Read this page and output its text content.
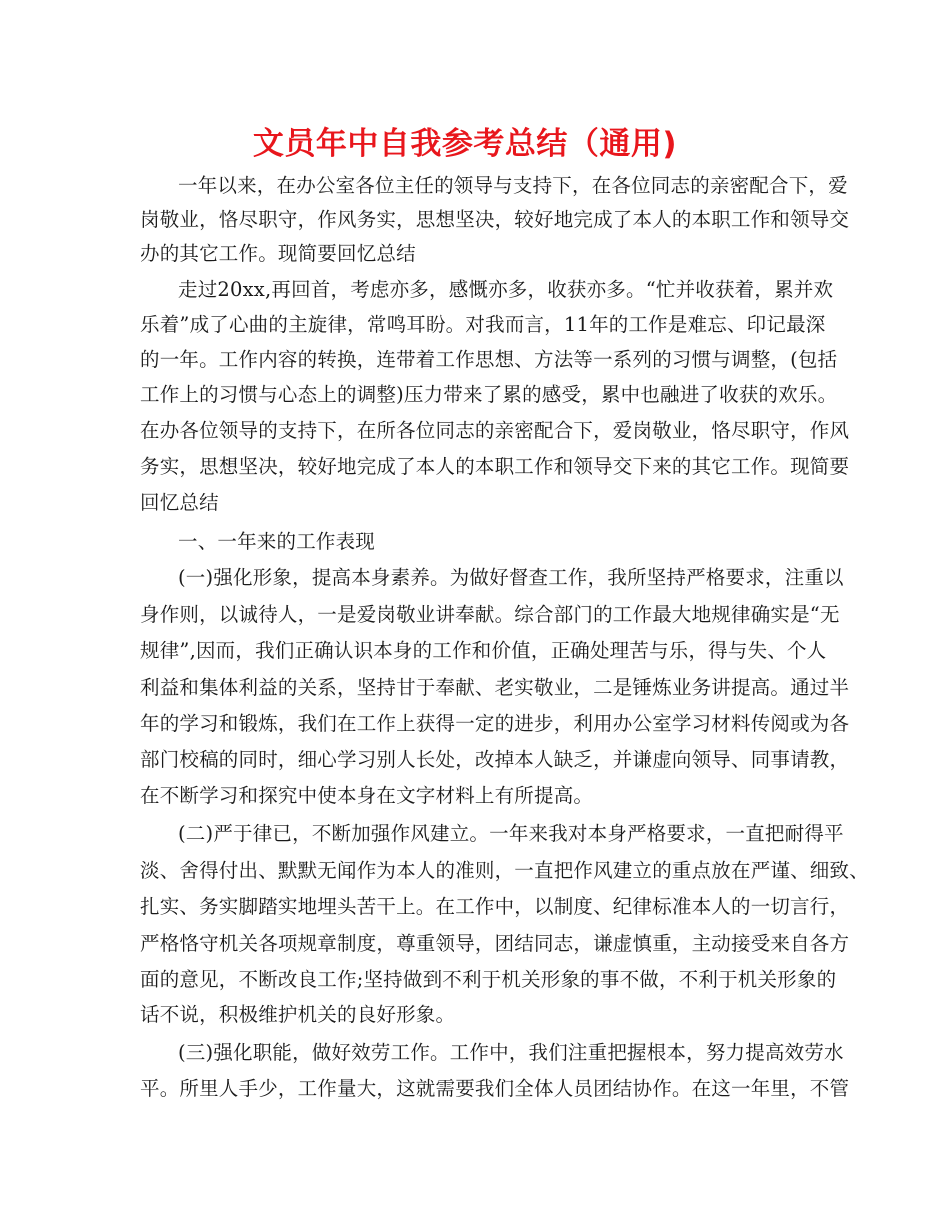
文员年中自我参考总结（通用)
一年以来，在办公室各位主任的领导与支持下，在各位同志的亲密配合下，爱
岗敬业，恪尽职守，作风务实，思想坚决，较好地完成了本人的本职工作和领导交
办的其它工作。现简要回忆总结
走过20xx,再回首，考虑亦多，感慨亦多，收获亦多。“忙并收获着，累并欢
乐着”成了心曲的主旋律，常鸣耳盼。对我而言，11年的工作是难忘、印记最深
的一年。工作内容的转换，连带着工作思想、方法等一系列的习惯与调整，(包括
工作上的习惯与心态上的调整)压力带来了累的感受，累中也融进了收获的欢乐。
在办各位领导的支持下，在所各位同志的亲密配合下，爱岗敬业，恪尽职守，作风
务实，思想坚决，较好地完成了本人的本职工作和领导交下来的其它工作。现简要
回忆总结
一、一年来的工作表现
(一)强化形象，提高本身素养。为做好督查工作，我所坚持严格要求，注重以
身作则，以诚待人，一是爱岗敬业讲奉献。综合部门的工作最大地规律确实是“无
规律”,因而，我们正确认识本身的工作和价值，正确处理苦与乐，得与失、个人
利益和集体利益的关系，坚持甘于奉献、老实敬业，二是锤炼业务讲提高。通过半
年的学习和锻炼，我们在工作上获得一定的进步，利用办公室学习材料传阅或为各
部门校稿的同时，细心学习别人长处，改掉本人缺乏，并谦虚向领导、同事请教，
在不断学习和探究中使本身在文字材料上有所提高。
(二)严于律已，不断加强作风建立。一年来我对本身严格要求，一直把耐得平
淡、舍得付出、默默无闻作为本人的准则，一直把作风建立的重点放在严谨、细致、
扎实、务实脚踏实地埋头苦干上。在工作中，以制度、纪律标准本人的一切言行，
严格恪守机关各项规章制度，尊重领导，团结同志，谦虚慎重，主动接受来自各方
面的意见，不断改良工作;坚持做到不利于机关形象的事不做，不利于机关形象的
话不说，积极维护机关的良好形象。
(三)强化职能，做好效劳工作。工作中，我们注重把握根本，努力提高效劳水
平。所里人手少，工作量大，这就需要我们全体人员团结协作。在这一年里，不管
